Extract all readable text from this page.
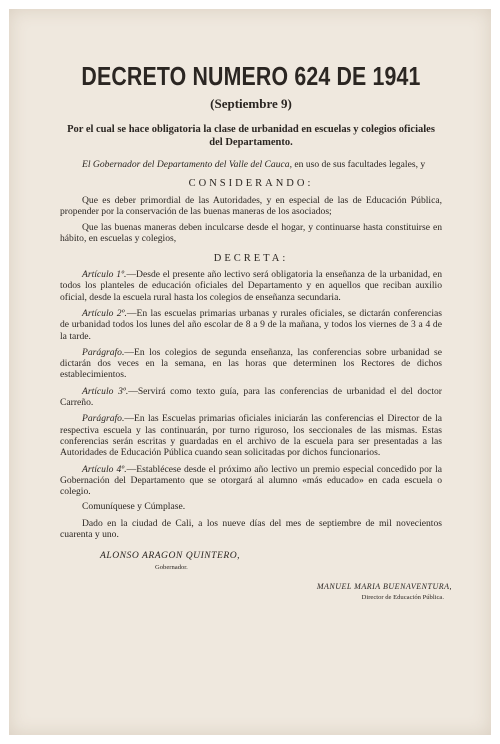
DECRETO NUMERO 624 DE 1941
(Septiembre 9)
Por el cual se hace obligatoria la clase de urbanidad en escuelas y colegios oficiales del Departamento.
El Gobernador del Departamento del Valle del Cauca, en uso de sus facultades legales, y
CONSIDERANDO:
Que es deber primordial de las Autoridades, y en especial de las de Educación Pública, propender por la conservación de las buenas maneras de los asociados;
Que las buenas maneras deben inculcarse desde el hogar, y continuarse hasta constituirse en hábito, en escuelas y colegios,
DECRETA:
Artículo 1º.—Desde el presente año lectivo será obligatoria la enseñanza de la urbanidad, en todos los planteles de educación oficiales del Departamento y en aquellos que reciban auxilio oficial, desde la escuela rural hasta los colegios de enseñanza secundaria.
Artículo 2º.—En las escuelas primarias urbanas y rurales oficiales, se dictarán conferencias de urbanidad todos los lunes del año escolar de 8 a 9 de la mañana, y todos los viernes de 3 a 4 de la tarde.
Parágrafo.—En los colegios de segunda enseñanza, las conferencias sobre urbanidad se dictarán dos veces en la semana, en las horas que determinen los Rectores de dichos establecimientos.
Artículo 3º.—Servirá como texto guía, para las conferencias de urbanidad el del doctor Carreño.
Parágrafo.—En las Escuelas primarias oficiales iniciarán las conferencias el Director de la respectiva escuela y las continuarán, por turno riguroso, los seccionales de las mismas. Estas conferencias serán escritas y guardadas en el archivo de la escuela para ser presentadas a las Autoridades de Educación Pública cuando sean solicitadas por dichos funcionarios.
Artículo 4º.—Establécese desde el próximo año lectivo un premio especial concedido por la Gobernación del Departamento que se otorgará al alumno «más educado» en cada escuela o colegio.
Comuníquese y Cúmplase.
Dado en la ciudad de Cali, a los nueve días del mes de septiembre de mil novecientos cuarenta y uno.
ALONSO ARAGON QUINTERO,
Gobernador.
MANUEL MARIA BUENAVENTURA,
Director de Educación Pública.
